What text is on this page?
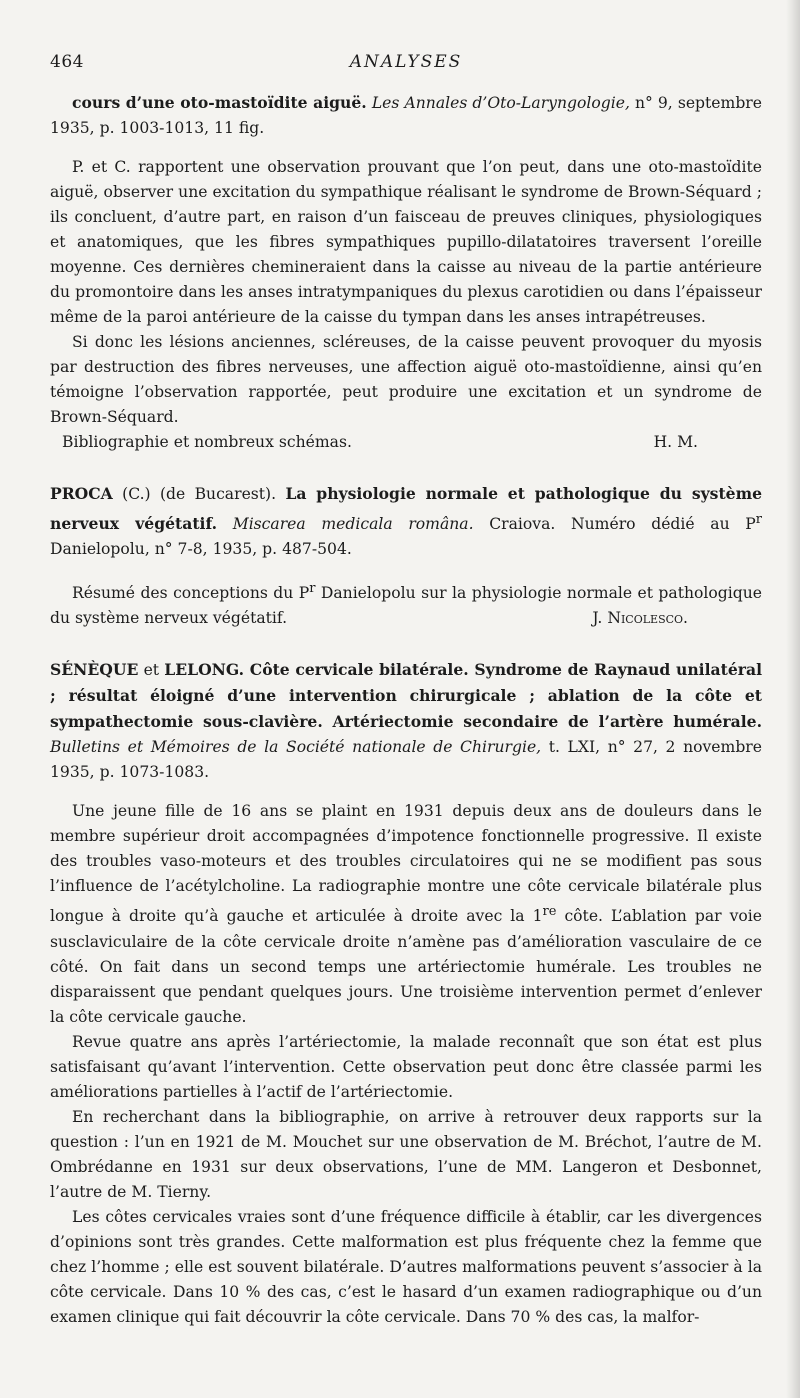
ANALYSES
464

cours d’une oto-mastoïdite aiguë. Les Annales d’Oto-Laryngologie, n° 9, septembre 1935, p. 1003-1013, 11 fig.

P. et C. rapportent une observation prouvant que l’on peut, dans une oto-mastoïdite aiguë, observer une excitation du sympathique réalisant le syndrome de Brown-Séquard ; ils concluent, d’autre part, en raison d’un faisceau de preuves cliniques, physiologiques et anatomiques, que les fibres sympathiques pupillo-dilatatoires traversent l’oreille moyenne. Ces dernières chemineraient dans la caisse au niveau de la partie antérieure du promontoire dans les anses intratympaniques du plexus carotidien ou dans l’épaisseur même de la paroi antérieure de la caisse du tympan dans les anses intrapétreuses.

Si donc les lésions anciennes, scléreuses, de la caisse peuvent provoquer du myosis par destruction des fibres nerveuses, une affection aiguë oto-mastoïdienne, ainsi qu’en témoigne l’observation rapportée, peut produire une excitation et un syndrome de Brown-Séquard.

Bibliographie et nombreux schémas.	H. M.

PROCA (C.) (de Bucarest). La physiologie normale et pathologique du système nerveux végétatif. Miscarea medicala româna. Craiova. Numéro dédié au $P^r$ Danielopolu, n° 7-8, 1935, p. 487-504.

Résumé des conceptions du $P^r$ Danielopolu sur la physiologie normale et pathologique du système nerveux végétatif.	J. Nicolesco.

SÉNÈQUE et LELONG. Côte cervicale bilatérale. Syndrome de Raynaud unilatéral ; résultat éloigné d’une intervention chirurgicale ; ablation de la côte et sympathectomie sous-clavière. Artériectomie secondaire de l’artère humérale. Bulletins et Mémoires de la Société nationale de Chirurgie, t. LXI, n° 27, 2 novembre 1935, p. 1073-1083.

Une jeune fille de 16 ans se plaint en 1931 depuis deux ans de douleurs dans le membre supérieur droit accompagnées d’impotence fonctionnelle progressive. Il existe des troubles vaso-moteurs et des troubles circulatoires qui ne se modifient pas sous l’influence de l’acétylcholine. La radiographie montre une côte cervicale bilatérale plus longue à droite qu’à gauche et articulée à droite avec la 1re côte. L’ablation par voie susclaviculaire de la côte cervicale droite n’amène pas d’amélioration vasculaire de ce côté. On fait dans un second temps une artériectomie humérale. Les troubles ne disparaissent que pendant quelques jours. Une troisième intervention permet d’enlever la côte cervicale gauche.

Revue quatre ans après l’artériectomie, la malade reconnaît que son état est plus satisfaisant qu’avant l’intervention. Cette observation peut donc être classée parmi les améliorations partielles à l’actif de l’artériectomie.

En recherchant dans la bibliographie, on arrive à retrouver deux rapports sur la question : l’un en 1921 de M. Mouchet sur une observation de M. Bréchot, l’autre de M. Ombrédanne en 1931 sur deux observations, l’une de MM. Langeron et Desbonnet, l’autre de M. Tierny.

Les côtes cervicales vraies sont d’une fréquence difficile à établir, car les divergences d’opinions sont très grandes. Cette malformation est plus fréquente chez la femme que chez l’homme ; elle est souvent bilatérale. D’autres malformations peuvent s’associer à la côte cervicale. Dans 10 % des cas, c’est le hasard d’un examen radiographique ou d’un examen clinique qui fait découvrir la côte cervicale. Dans 70 % des cas, la malfor-
